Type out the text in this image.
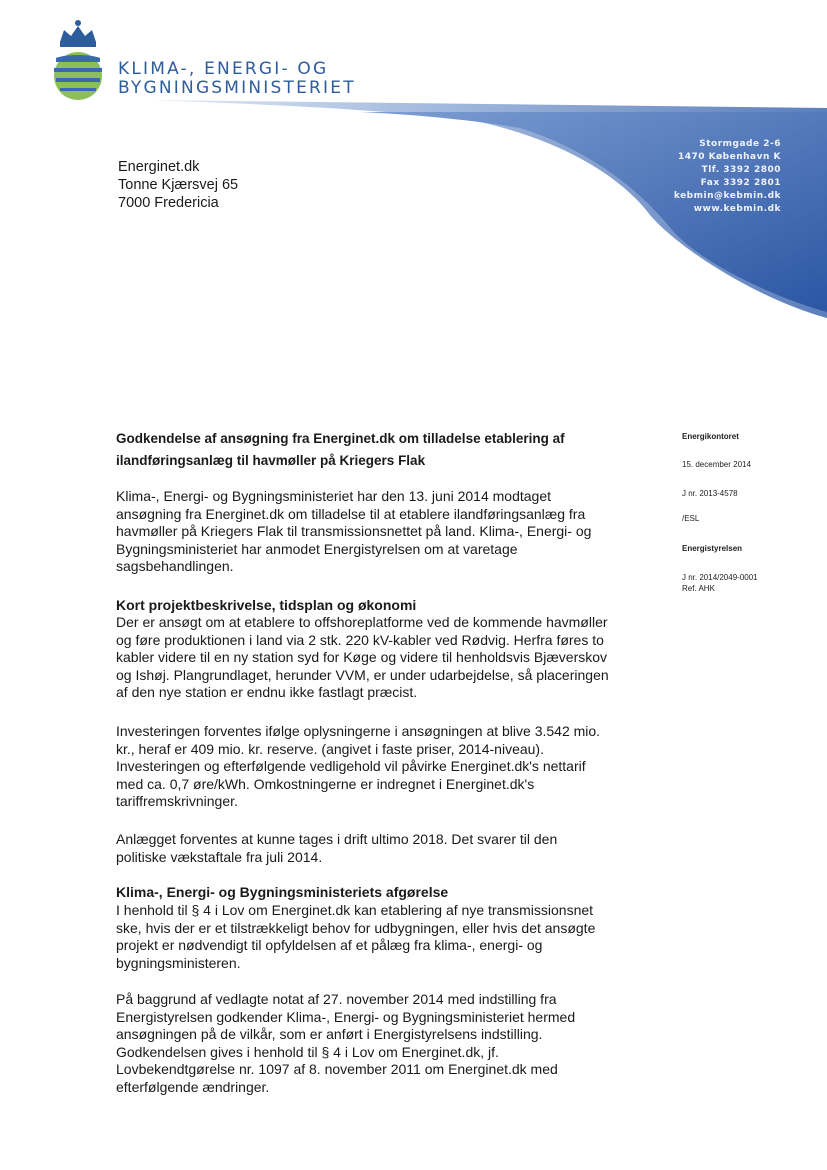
KLIMA-, ENERGI- OG
BYGNINGSMINISTERIET
Stormgade 2-6
1470 København K
Tlf. 3392 2800
Fax 3392 2801
kebmin@kebmin.dk
www.kebmin.dk
Energinet.dk
Tonne Kjærsvej 65
7000 Fredericia
Energikontoret
15. december 2014
J nr. 2013-4578
/ESL
Energistyrelsen
J nr. 2014/2049-0001
Ref. AHK
Godkendelse af ansøgning fra Energinet.dk om tilladelse etablering af
ilandføringsanlæg til havmøller på Kriegers Flak
Klima-, Energi- og Bygningsministeriet har den 13. juni 2014 modtaget
ansøgning fra Energinet.dk om tilladelse til at etablere ilandføringsanlæg fra
havmøller på Kriegers Flak til transmissionsnettet på land. Klima-, Energi- og
Bygningsministeriet har anmodet Energistyrelsen om at varetage
sagsbehandlingen.
Kort projektbeskrivelse, tidsplan og økonomi
Der er ansøgt om at etablere to offshoreplatforme ved de kommende havmøller
og føre produktionen i land via 2 stk. 220 kV-kabler ved Rødvig. Herfra føres to
kabler videre til en ny station syd for Køge og videre til henholdsvis Bjæverskov
og Ishøj. Plangrundlaget, herunder VVM, er under udarbejdelse, så placeringen
af den nye station er endnu ikke fastlagt præcist.
Investeringen forventes ifølge oplysningerne i ansøgningen at blive 3.542 mio.
kr., heraf er 409 mio. kr. reserve. (angivet i faste priser, 2014-niveau).
Investeringen og efterfølgende vedligehold vil påvirke Energinet.dk's nettarif
med ca. 0,7 øre/kWh. Omkostningerne er indregnet i Energinet.dk's
tariffremskrivninger.
Anlægget forventes at kunne tages i drift ultimo 2018. Det svarer til den
politiske vækstaftale fra juli 2014.
Klima-, Energi- og Bygningsministeriets afgørelse
I henhold til § 4 i Lov om Energinet.dk kan etablering af nye transmissionsnet
ske, hvis der er et tilstrækkeligt behov for udbygningen, eller hvis det ansøgte
projekt er nødvendigt til opfyldelsen af et pålæg fra klima-, energi- og
bygningsministeren.
På baggrund af vedlagte notat af 27. november 2014 med indstilling fra
Energistyrelsen godkender Klima-, Energi- og Bygningsministeriet hermed
ansøgningen på de vilkår, som er anført i Energistyrelsens indstilling.
Godkendelsen gives i henhold til § 4 i Lov om Energinet.dk, jf.
Lovbekendtgørelse nr. 1097 af 8. november 2011 om Energinet.dk med
efterfølgende ændringer.
